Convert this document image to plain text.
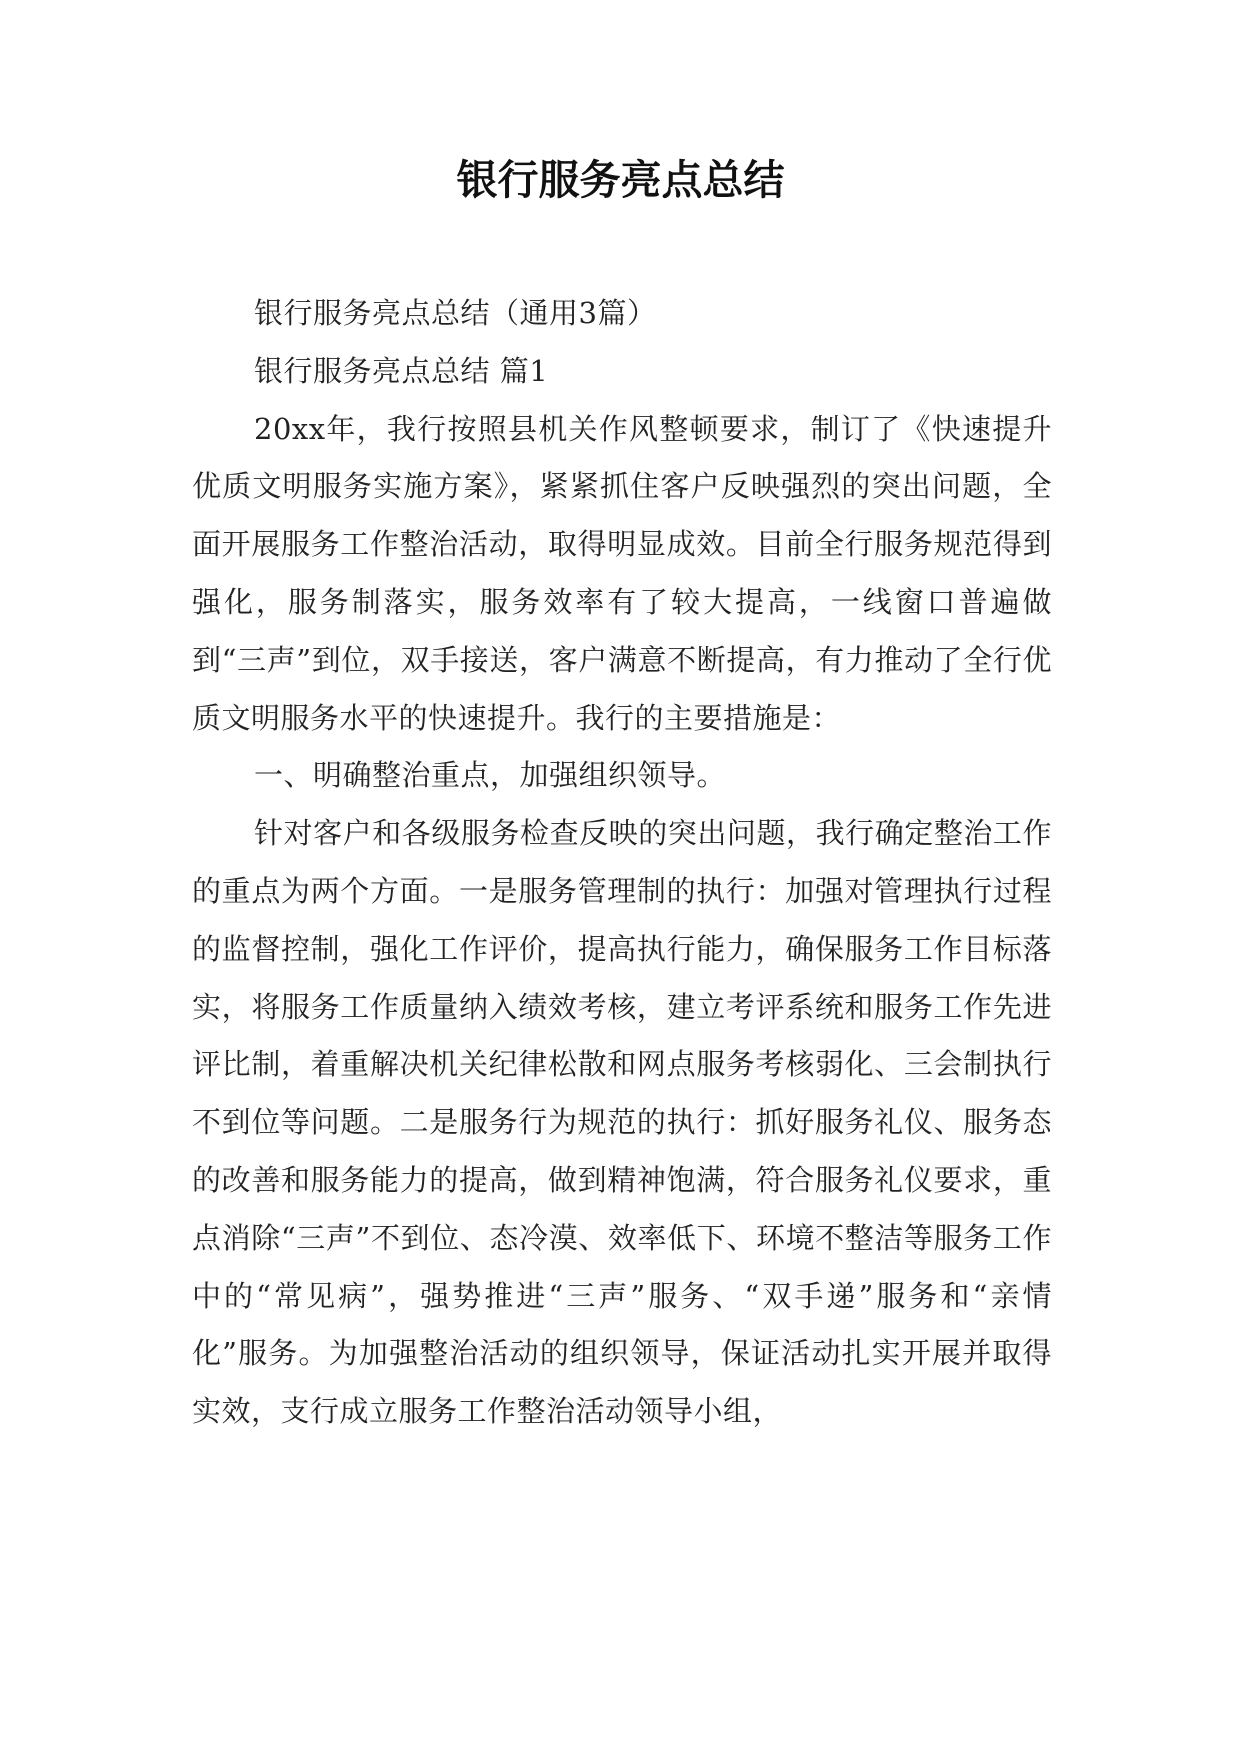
银行服务亮点总结

银行服务亮点总结（通用3篇）

银行服务亮点总结 篇1

20xx年，我行按照县机关作风整顿要求，制订了《快速提升优质文明服务实施方案》，紧紧抓住客户反映强烈的突出问题，全面开展服务工作整治活动，取得明显成效。目前全行服务规范得到强化，服务制落实，服务效率有了较大提高，一线窗口普遍做到“三声”到位，双手接送，客户满意不断提高，有力推动了全行优质文明服务水平的快速提升。我行的主要措施是：

一、明确整治重点，加强组织领导。

针对客户和各级服务检查反映的突出问题，我行确定整治工作的重点为两个方面。一是服务管理制的执行：加强对管理执行过程的监督控制，强化工作评价，提高执行能力，确保服务工作目标落实，将服务工作质量纳入绩效考核，建立考评系统和服务工作先进评比制，着重解决机关纪律松散和网点服务考核弱化、三会制执行不到位等问题。二是服务行为规范的执行：抓好服务礼仪、服务态的改善和服务能力的提高，做到精神饱满，符合服务礼仪要求，重点消除“三声”不到位、态冷漠、效率低下、环境不整洁等服务工作中的“常见病”，强势推进“三声”服务、“双手递”服务和“亲情化”服务。为加强整治活动的组织领导，保证活动扎实开展并取得实效，支行成立服务工作整治活动领导小组，
